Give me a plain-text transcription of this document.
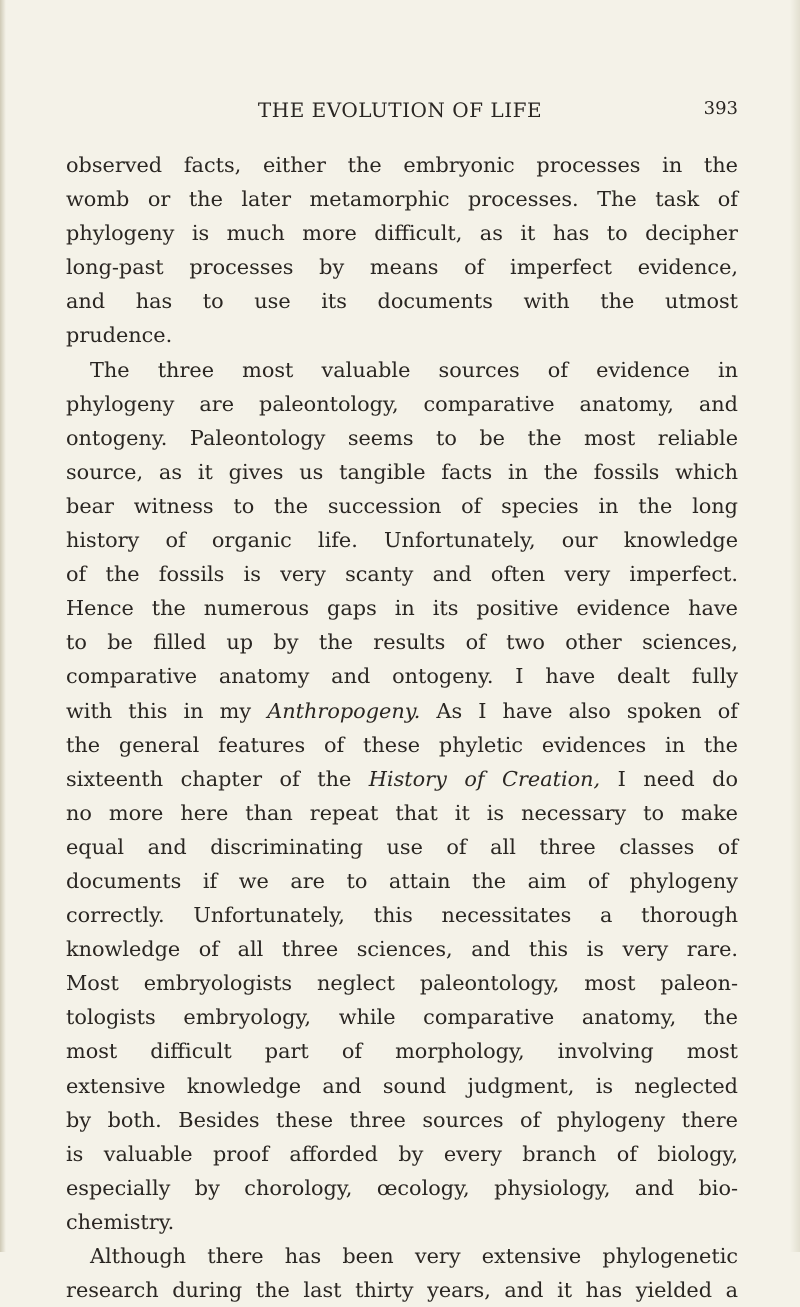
THE EVOLUTION OF LIFE	393
observed facts, either the embryonic processes in the
womb or the later metamorphic processes. The task of
phylogeny is much more difficult, as it has to decipher
long-past processes by means of imperfect evidence,
and has to use its documents with the utmost
prudence.
The three most valuable sources of evidence in
phylogeny are paleontology, comparative anatomy, and
ontogeny. Paleontology seems to be the most reliable
source, as it gives us tangible facts in the fossils which
bear witness to the succession of species in the long
history of organic life. Unfortunately, our knowledge
of the fossils is very scanty and often very imperfect.
Hence the numerous gaps in its positive evidence have
to be filled up by the results of two other sciences,
comparative anatomy and ontogeny. I have dealt fully
with this in my Anthropogeny. As I have also spoken of
the general features of these phyletic evidences in the
sixteenth chapter of the History of Creation, I need do
no more here than repeat that it is necessary to make
equal and discriminating use of all three classes of
documents if we are to attain the aim of phylogeny
correctly. Unfortunately, this necessitates a thorough
knowledge of all three sciences, and this is very rare.
Most embryologists neglect paleontology, most paleon-
tologists embryology, while comparative anatomy, the
most difficult part of morphology, involving most
extensive knowledge and sound judgment, is neglected
by both. Besides these three sources of phylogeny there
is valuable proof afforded by every branch of biology,
especially by chorology, œcology, physiology, and bio-
chemistry.
Although there has been very extensive phylogenetic
research during the last thirty years, and it has yielded a
